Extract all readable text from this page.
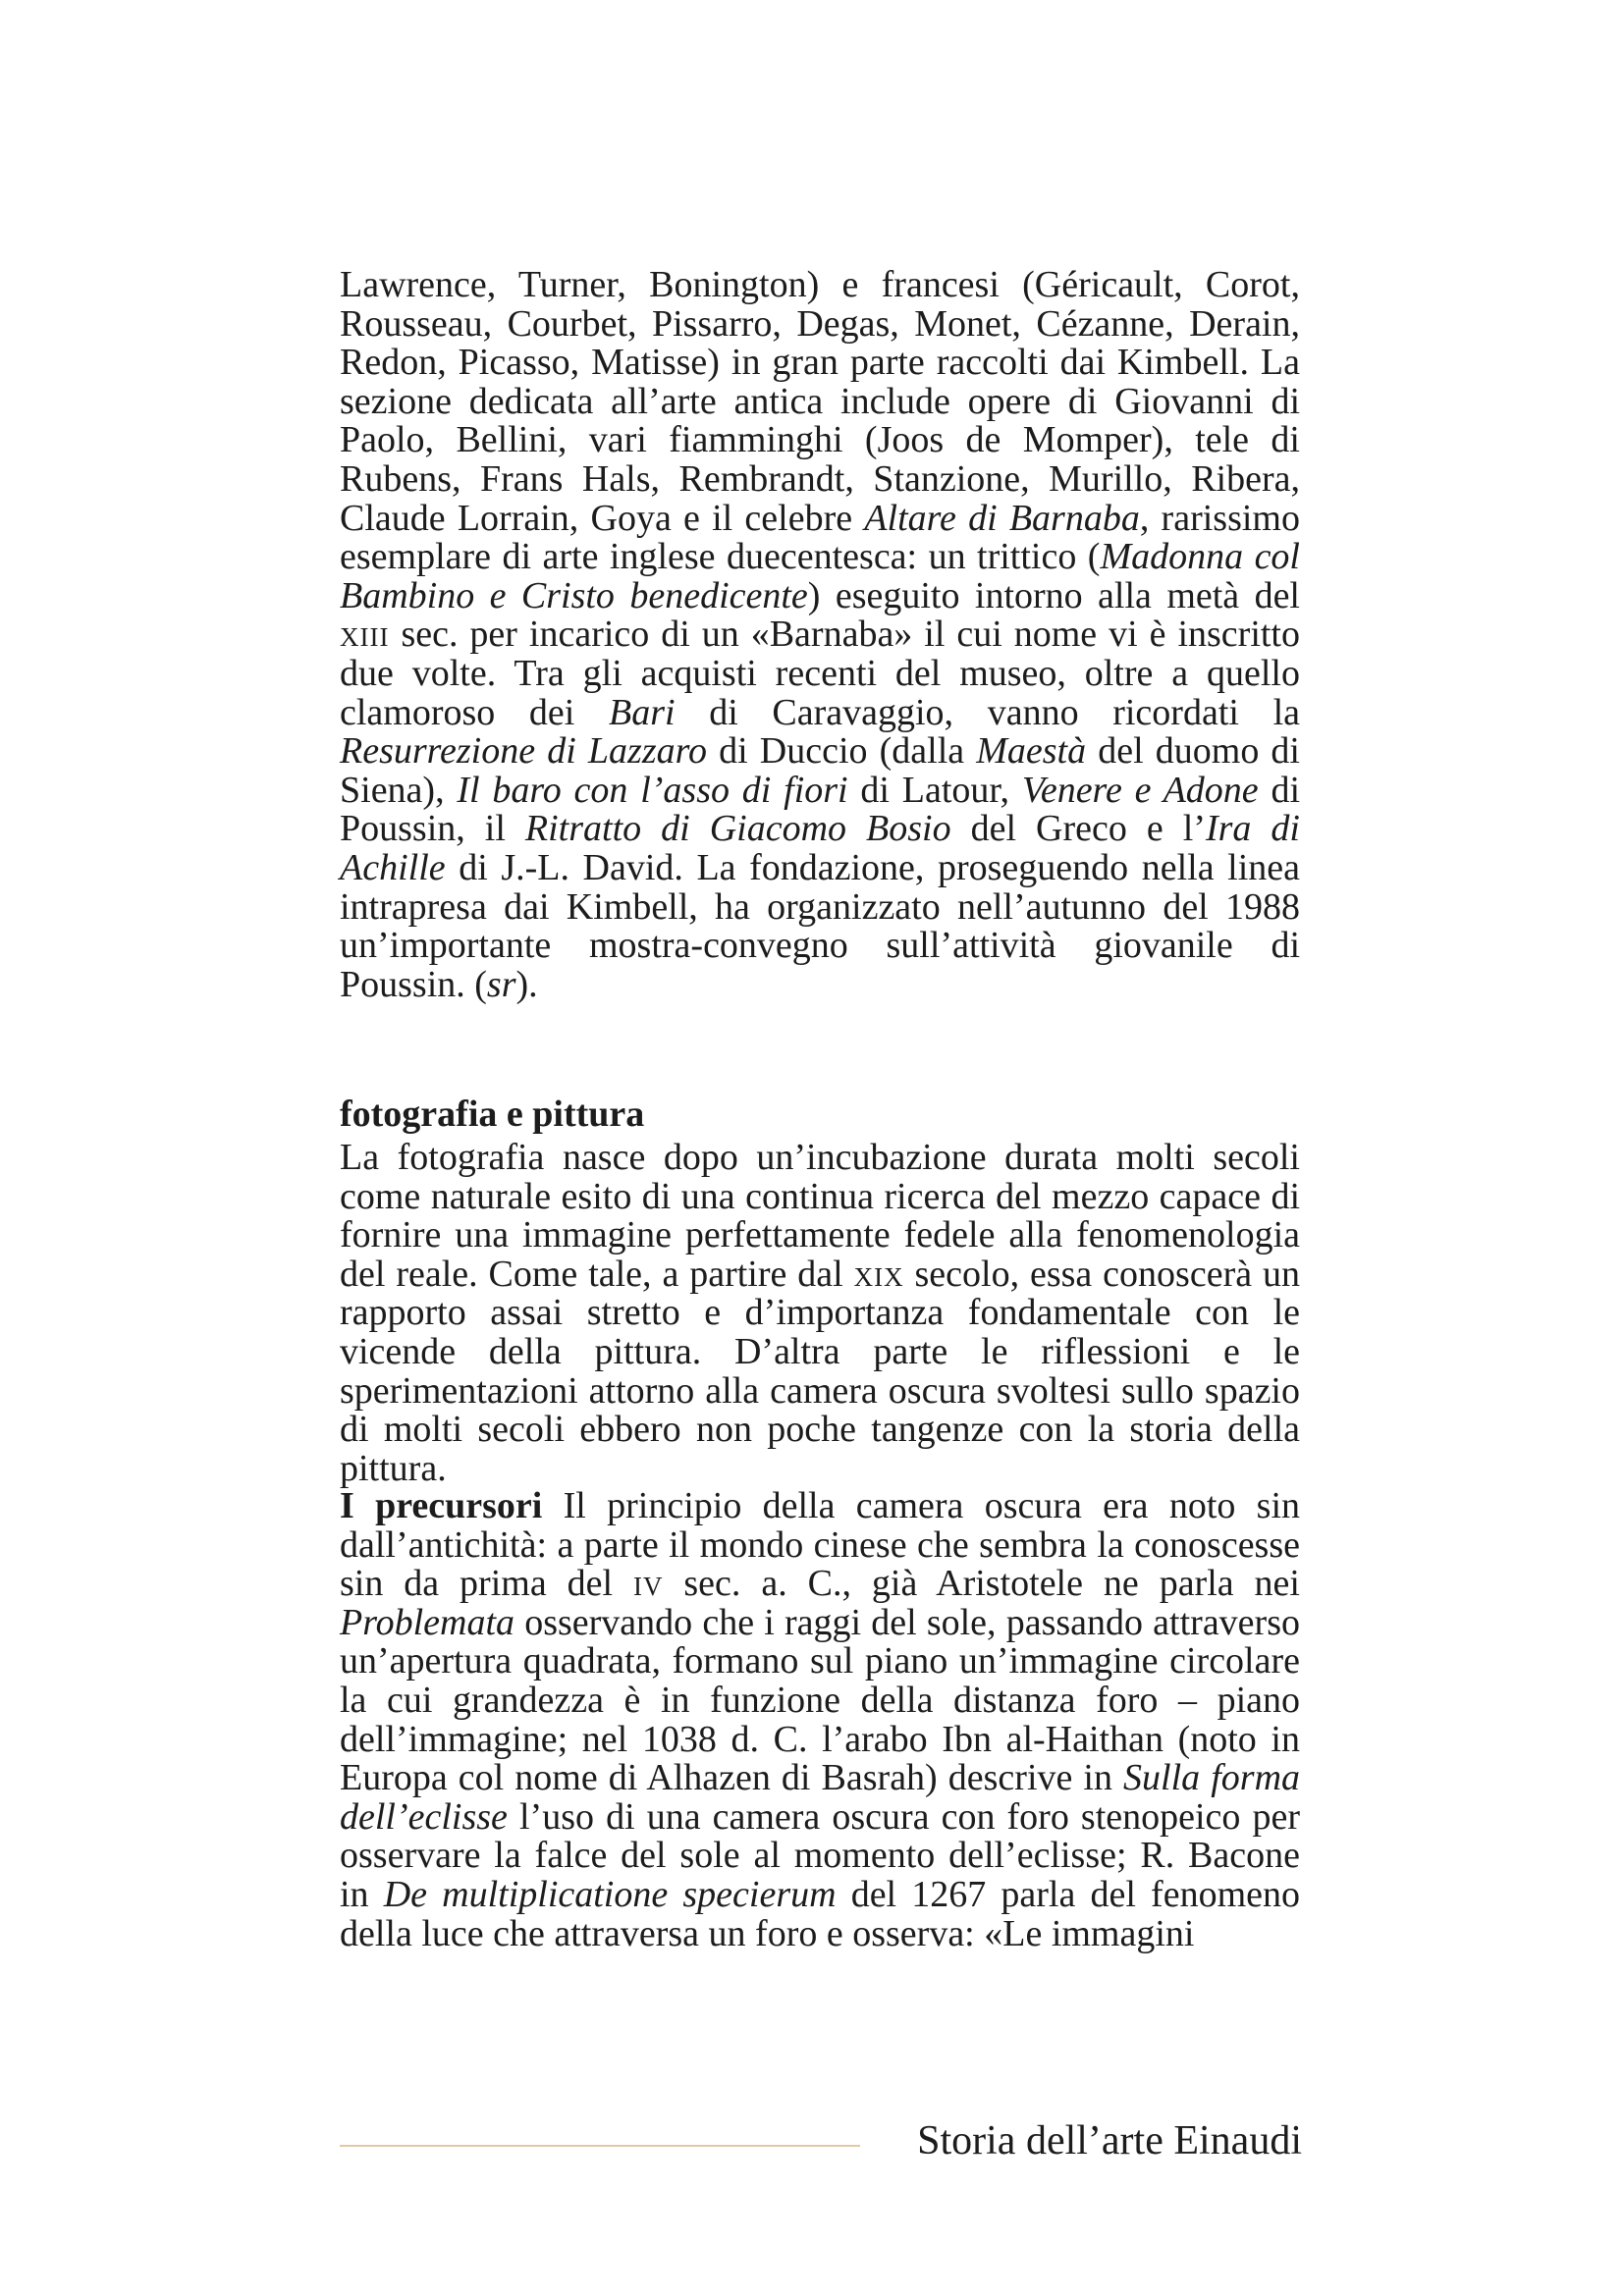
Lawrence, Turner, Bonington) e francesi (Géricault, Corot, Rousseau, Courbet, Pissarro, Degas, Monet, Cézanne, Derain, Redon, Picasso, Matisse) in gran parte raccolti dai Kimbell. La sezione dedicata all’arte antica include opere di Giovanni di Paolo, Bellini, vari fiamminghi (Joos de Momper), tele di Rubens, Frans Hals, Rembrandt, Stanzione, Murillo, Ribera, Claude Lorrain, Goya e il celebre Altare di Barnaba, rarissimo esemplare di arte inglese duecentesca: un trittico (Madonna col Bambino e Cristo benedicente) eseguito intorno alla metà del xiii sec. per incarico di un «Barnaba» il cui nome vi è inscritto due volte. Tra gli acquisti recenti del museo, oltre a quello clamoroso dei Bari di Caravaggio, vanno ricordati la Resurrezione di Lazzaro di Duccio (dalla Maestà del duomo di Siena), Il baro con l’asso di fiori di Latour, Venere e Adone di Poussin, il Ritratto di Giacomo Bosio del Greco e l’Ira di Achille di J.-L. David. La fondazione, proseguendo nella linea intrapresa dai Kimbell, ha organizzato nell’autunno del 1988 un’importante mostra-convegno sull’attività giovanile di Poussin. (sr).

fotografia e pittura

La fotografia nasce dopo un’incubazione durata molti secoli come naturale esito di una continua ricerca del mezzo capace di fornire una immagine perfettamente fedele alla fenomenologia del reale. Come tale, a partire dal xix secolo, essa conoscerà un rapporto assai stretto e d’importanza fondamentale con le vicende della pittura. D’altra parte le riflessioni e le sperimentazioni attorno alla camera oscura svoltesi sullo spazio di molti secoli ebbero non poche tangenze con la storia della pittura.

I precursori Il principio della camera oscura era noto sin dall’antichità: a parte il mondo cinese che sembra la conoscesse sin da prima del iv sec. a. C., già Aristotele ne parla nei Problemata osservando che i raggi del sole, passando attraverso un’apertura quadrata, formano sul piano un’immagine circolare la cui grandezza è in funzione della distanza foro – piano dell’immagine; nel 1038 d. C. l’arabo Ibn al-Haithan (noto in Europa col nome di Alhazen di Basrah) descrive in Sulla forma dell’eclisse l’uso di una camera oscura con foro stenopeico per osservare la falce del sole al momento dell’eclisse; R. Bacone in De multiplicatione specierum del 1267 parla del fenomeno della luce che attraversa un foro e osserva: «Le immagini

Storia dell’arte Einaudi
